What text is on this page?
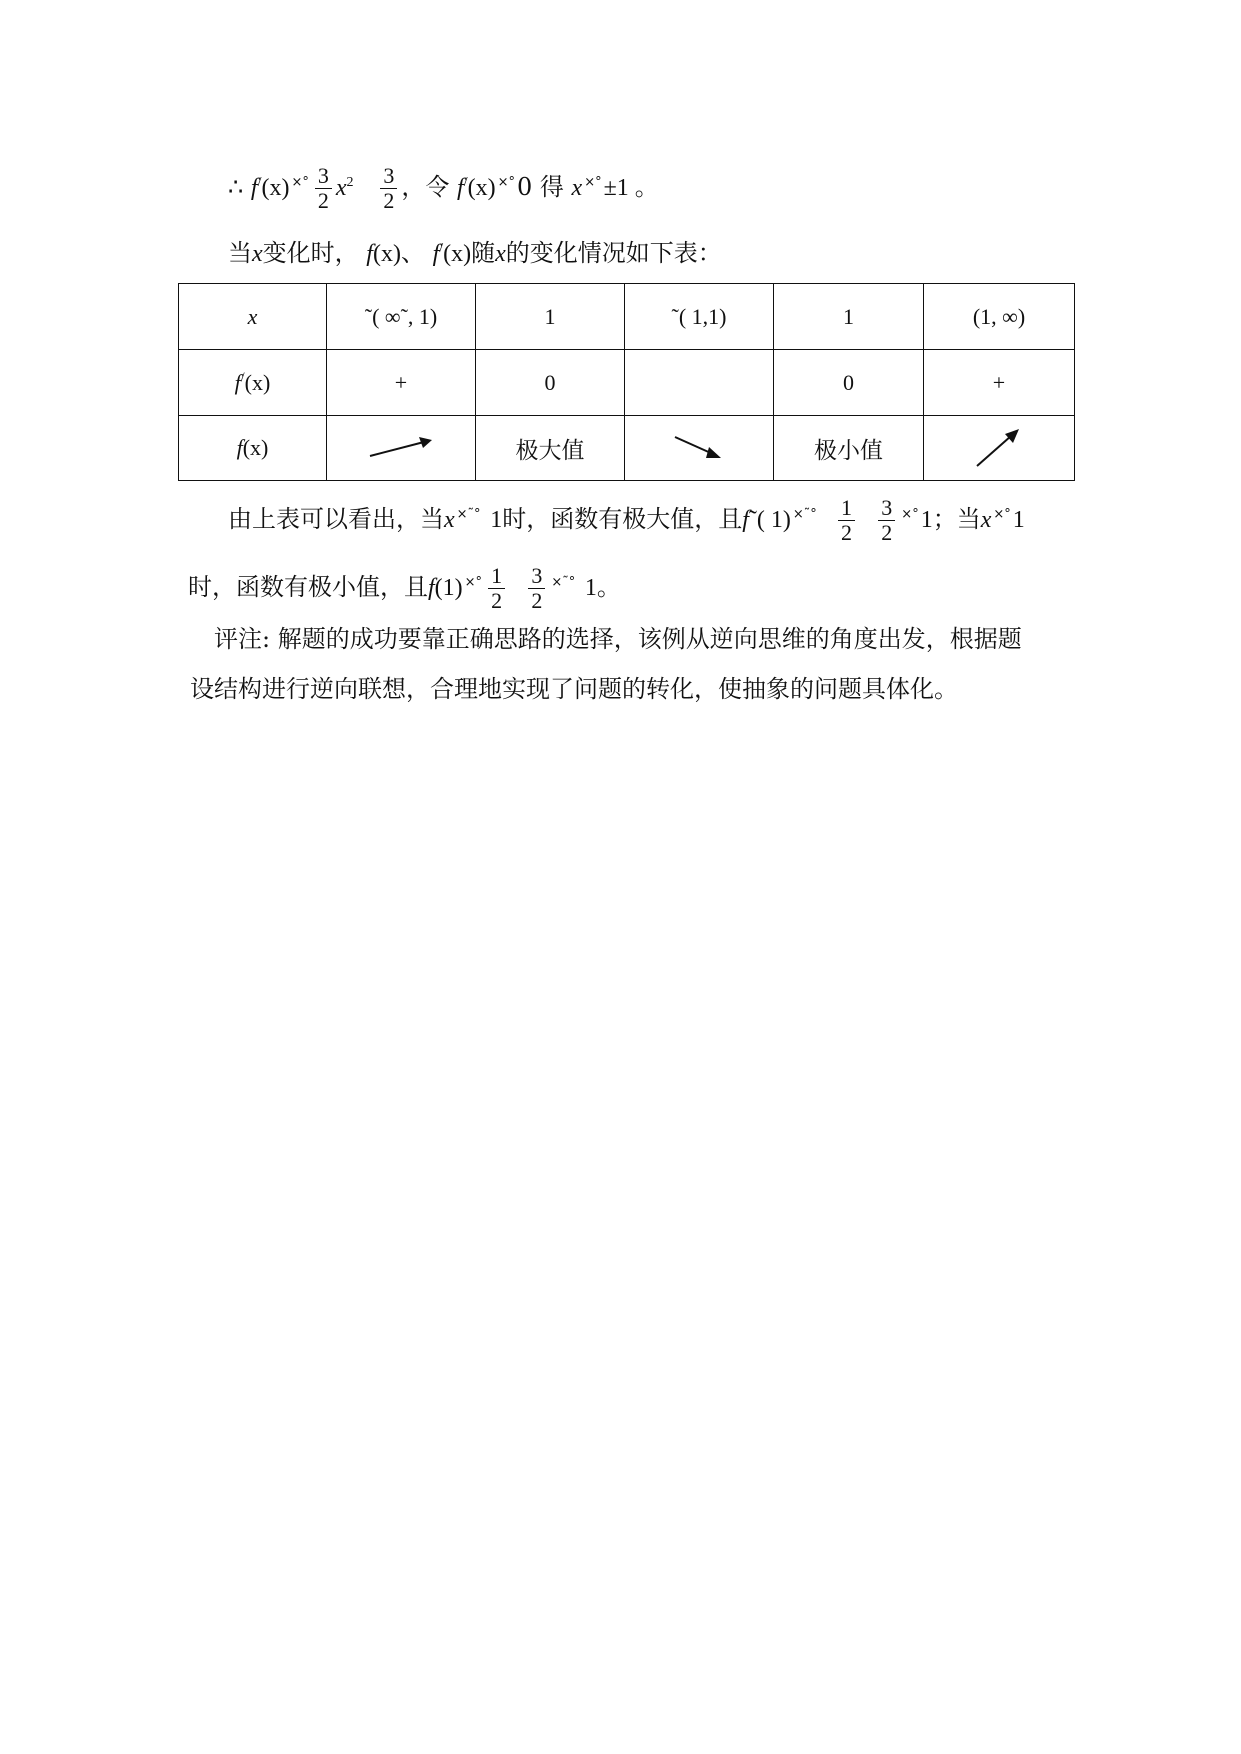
∴ f/(x) $^{\times^\circ} \frac{3}{2} x^2 \frac{3}{2}$ ，令 f/(x) ×°0 得 x ×°±1 。
当x变化时， f(x)、 f/(x)随x的变化情况如下表：
x	˜( ∞˜, 1)	1	˜( 1,1)	1	(1, ∞)
f/(x)	+	0		0	+
f(x)		极大值		极小值	
由上表可以看出，当x ×˜° 1时，函数有极大值，且f˜( 1) $^{\times˜^\circ} \frac{1}{2}$
$\frac{3}{2} ^{\times^\circ}1$；当x ×°1
时，函数有极小值，且f(1) $^{\times^\circ} \frac{1}{2}$
$\frac{3}{2} ^{\times˜^\circ}$ 1。
评注: 解题的成功要靠正确思路的选择，该例从逆向思维的角度出发，根据题
设结构进行逆向联想，合理地实现了问题的转化，使抽象的问题具体化。
